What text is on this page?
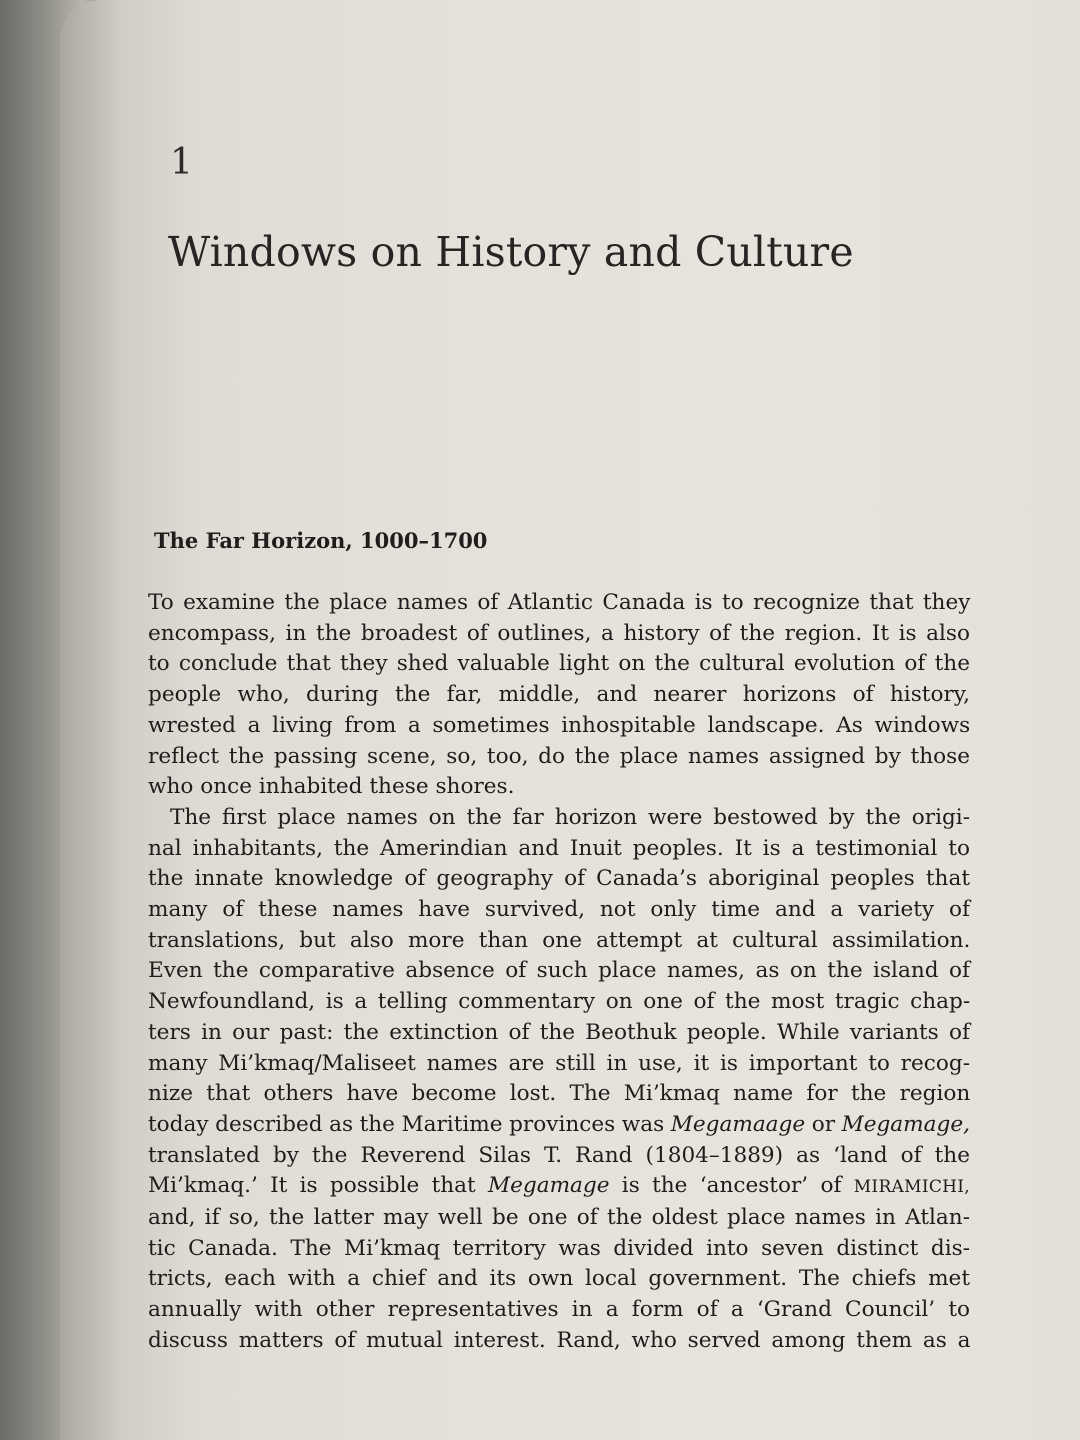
1
Windows on History and Culture
The Far Horizon, 1000–1700

To examine the place names of Atlantic Canada is to recognize that they
encompass, in the broadest of outlines, a history of the region. It is also
to conclude that they shed valuable light on the cultural evolution of the
people who, during the far, middle, and nearer horizons of history,
wrested a living from a sometimes inhospitable landscape. As windows
reflect the passing scene, so, too, do the place names assigned by those
who once inhabited these shores.

The first place names on the far horizon were bestowed by the origi-
nal inhabitants, the Amerindian and Inuit peoples. It is a testimonial to
the innate knowledge of geography of Canada’s aboriginal peoples that
many of these names have survived, not only time and a variety of
translations, but also more than one attempt at cultural assimilation.
Even the comparative absence of such place names, as on the island of
Newfoundland, is a telling commentary on one of the most tragic chap-
ters in our past: the extinction of the Beothuk people. While variants of
many Mi’kmaq/Maliseet names are still in use, it is important to recog-
nize that others have become lost. The Mi’kmaq name for the region
today described as the Maritime provinces was Megamaage or Megamage,
translated by the Reverend Silas T. Rand (1804–1889) as ‘land of the
Mi’kmaq.’ It is possible that Megamage is the ‘ancestor’ of MIRAMICHI,
and, if so, the latter may well be one of the oldest place names in Atlan-
tic Canada. The Mi’kmaq territory was divided into seven distinct dis-
tricts, each with a chief and its own local government. The chiefs met
annually with other representatives in a form of a ‘Grand Council’ to
discuss matters of mutual interest. Rand, who served among them as a
